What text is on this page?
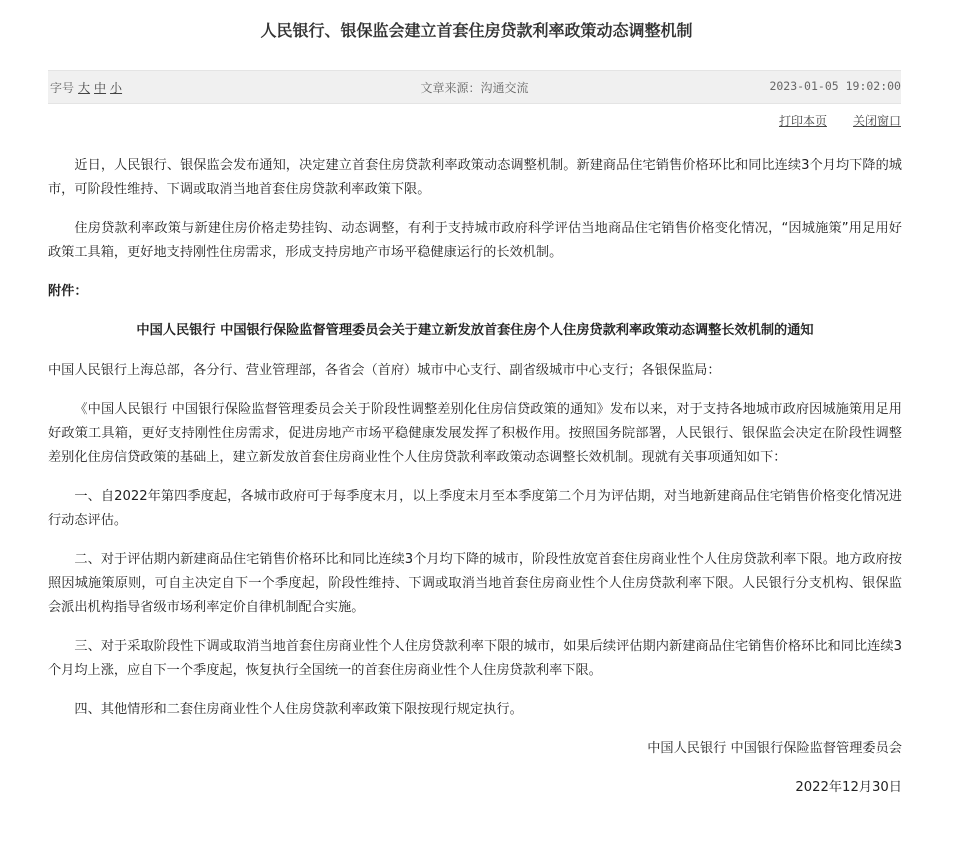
人民银行、银保监会建立首套住房贷款利率政策动态调整机制
字号 大 中 小	文章来源：沟通交流	2023-01-05 19:02:00
打印本页 关闭窗口

近日，人民银行、银保监会发布通知，决定建立首套住房贷款利率政策动态调整机制。新建商品住宅销售价格环比和同比连续3个月均下降的城市，可阶段性维持、下调或取消当地首套住房贷款利率政策下限。

住房贷款利率政策与新建住房价格走势挂钩、动态调整，有利于支持城市政府科学评估当地商品住宅销售价格变化情况，“因城施策”用足用好政策工具箱，更好地支持刚性住房需求，形成支持房地产市场平稳健康运行的长效机制。

附件：

中国人民银行 中国银行保险监督管理委员会关于建立新发放首套住房个人住房贷款利率政策动态调整长效机制的通知

中国人民银行上海总部，各分行、营业管理部，各省会（首府）城市中心支行、副省级城市中心支行；各银保监局：

《中国人民银行 中国银行保险监督管理委员会关于阶段性调整差别化住房信贷政策的通知》发布以来，对于支持各地城市政府因城施策用足用好政策工具箱，更好支持刚性住房需求，促进房地产市场平稳健康发展发挥了积极作用。按照国务院部署，人民银行、银保监会决定在阶段性调整差别化住房信贷政策的基础上，建立新发放首套住房商业性个人住房贷款利率政策动态调整长效机制。现就有关事项通知如下：

一、自2022年第四季度起，各城市政府可于每季度末月，以上季度末月至本季度第二个月为评估期，对当地新建商品住宅销售价格变化情况进行动态评估。

二、对于评估期内新建商品住宅销售价格环比和同比连续3个月均下降的城市，阶段性放宽首套住房商业性个人住房贷款利率下限。地方政府按照因城施策原则，可自主决定自下一个季度起，阶段性维持、下调或取消当地首套住房商业性个人住房贷款利率下限。人民银行分支机构、银保监会派出机构指导省级市场利率定价自律机制配合实施。

三、对于采取阶段性下调或取消当地首套住房商业性个人住房贷款利率下限的城市，如果后续评估期内新建商品住宅销售价格环比和同比连续3个月均上涨，应自下一个季度起，恢复执行全国统一的首套住房商业性个人住房贷款利率下限。

四、其他情形和二套住房商业性个人住房贷款利率政策下限按现行规定执行。

中国人民银行 中国银行保险监督管理委员会

2022年12月30日
